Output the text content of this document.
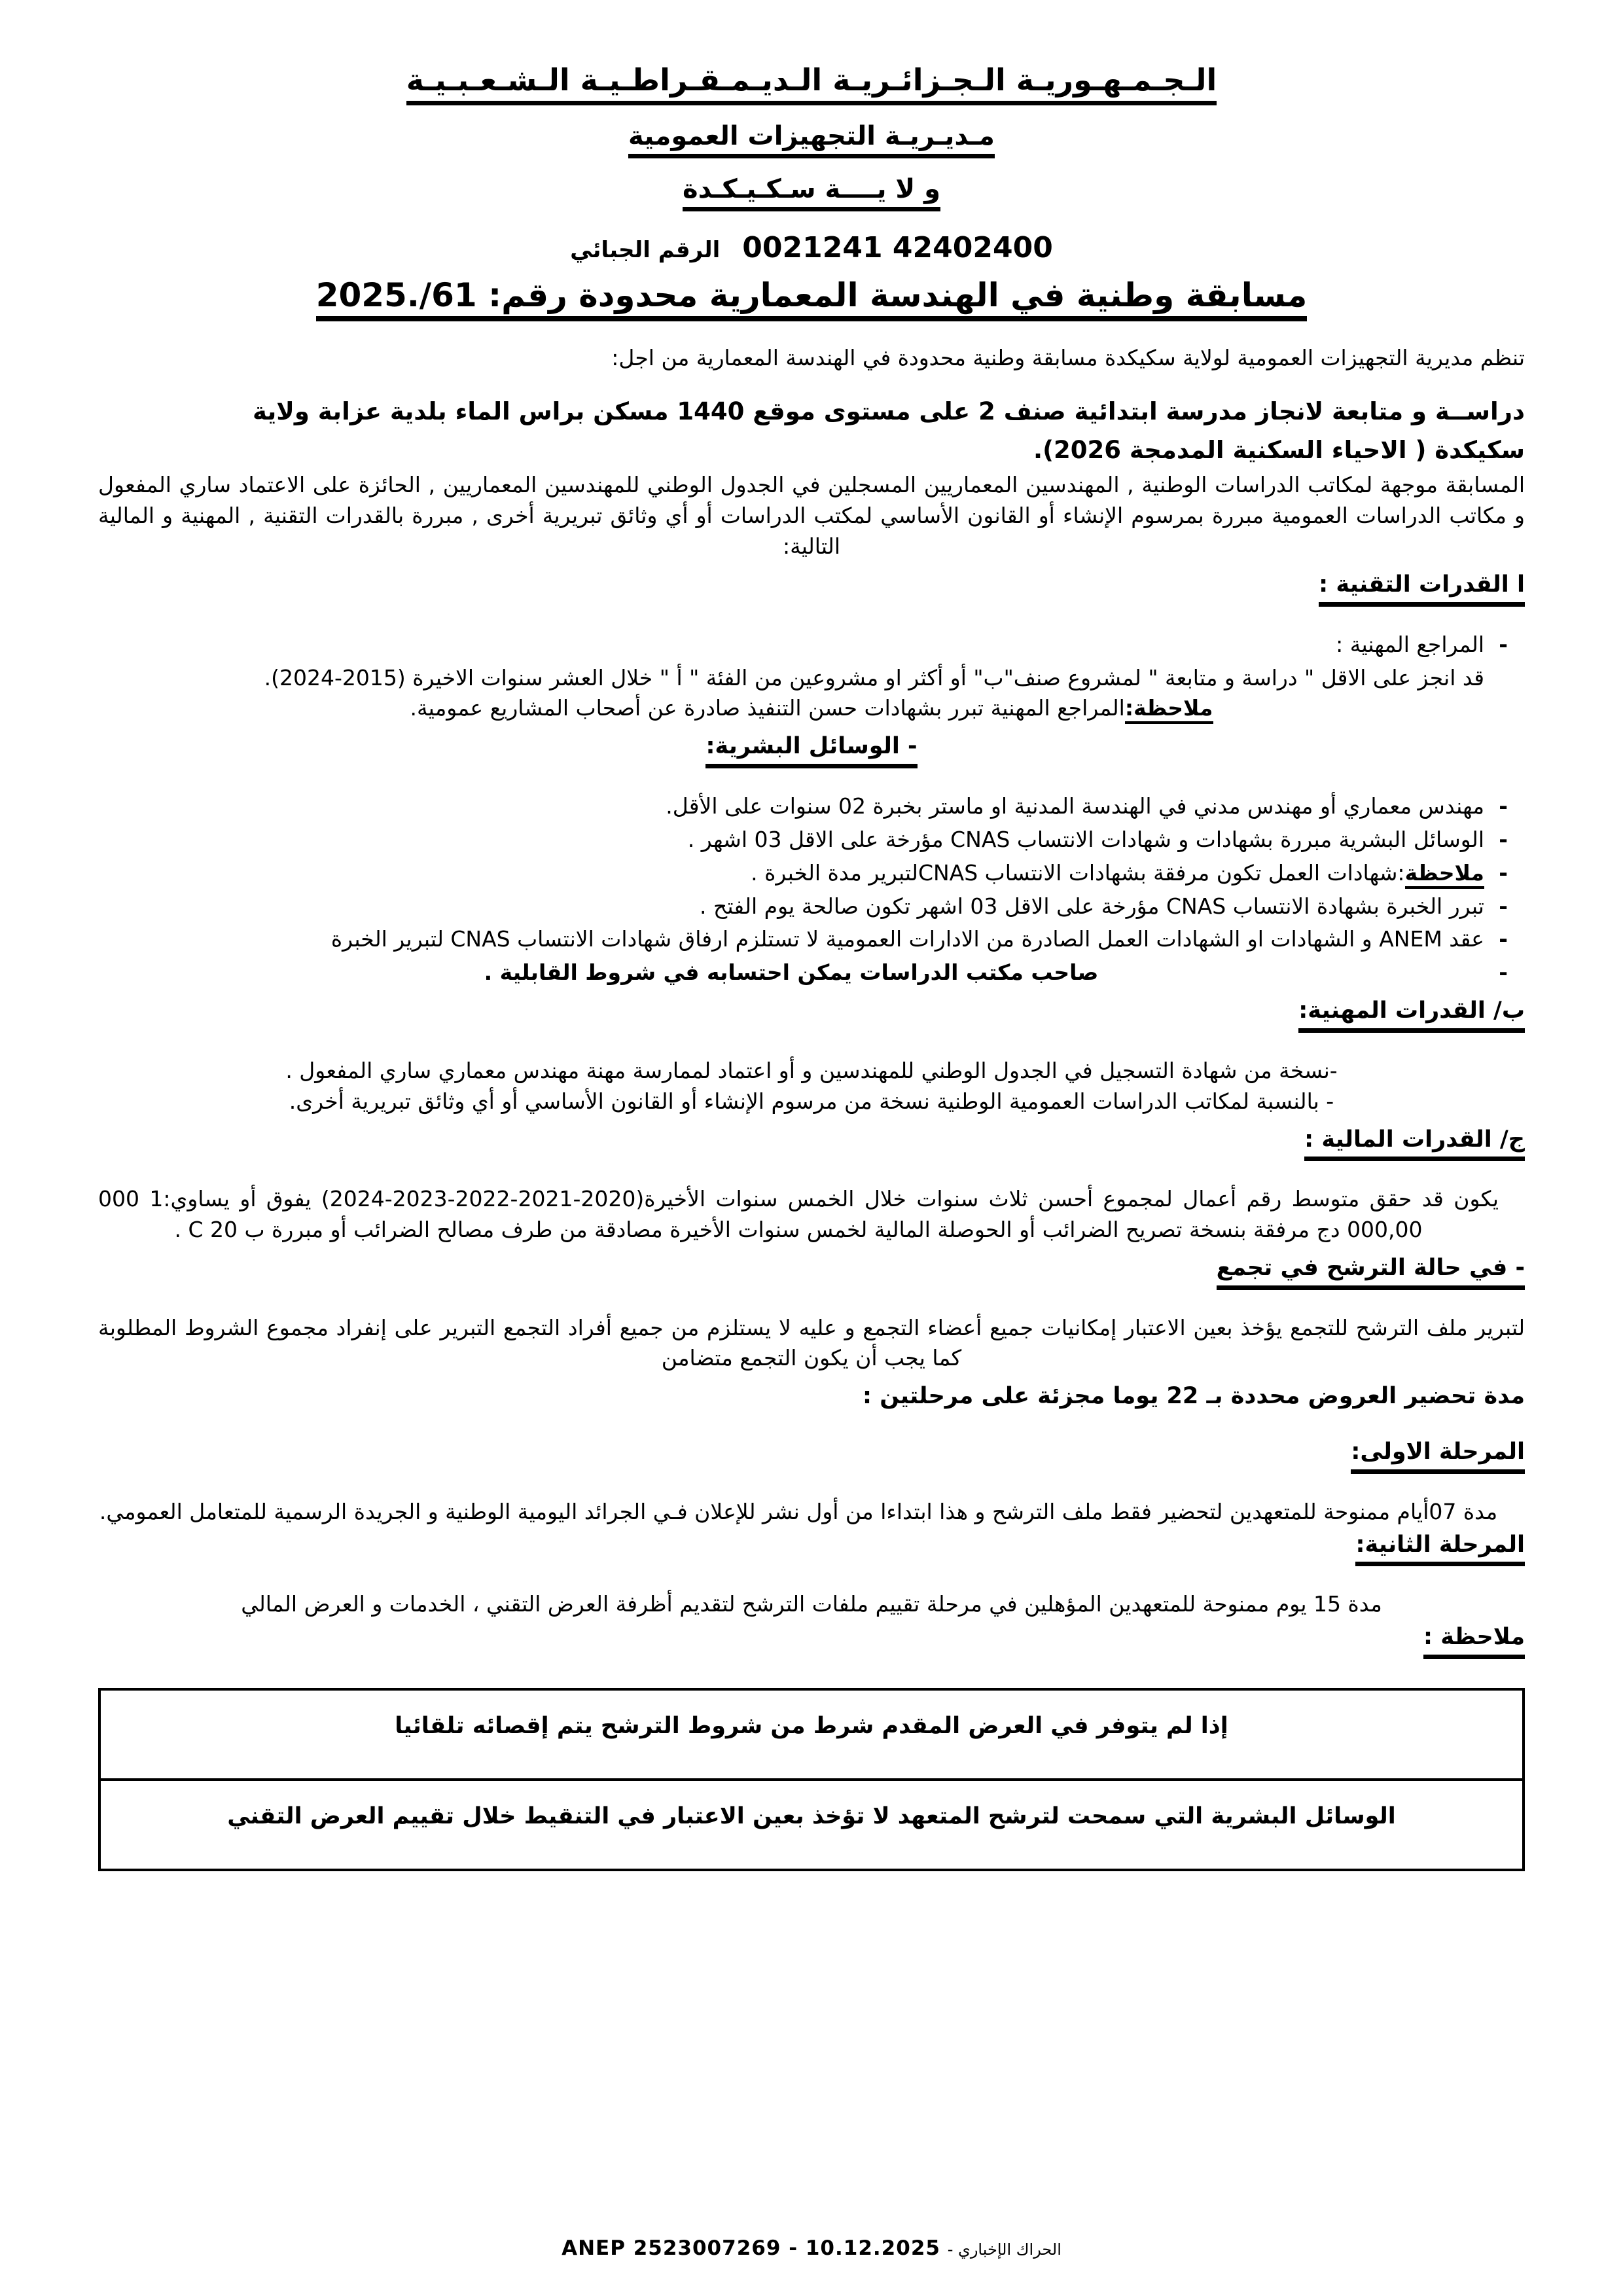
الـجـمـهـوريـة الـجـزائـريـة الـديـمـقـراطـيـة الـشـعـبـيـة
مـديـريـة التجهيزات العمومية
و لا يــــة سـكـيـكـدة
42402400 0021241الرقم الجبائي
مسابقة وطنية في الهندسة المعمارية محدودة رقم: 61/.2025

تنظم مديرية التجهيزات العمومية لولاية سكيكدة مسابقة وطنية محدودة في الهندسة المعمارية من اجل:

دراســة و متابعة لانجاز مدرسة ابتدائية صنف 2 على مستوى موقع 1440 مسكن براس الماء بلدية عزابة ولاية

سكيكدة ( الاحياء السكنية المدمجة 2026).

المسابقة موجهة لمكاتب الدراسات الوطنية , المهندسين المعماريين المسجلين في الجدول الوطني للمهندسين المعماريين , الحائزة على الاعتماد ساري المفعول و مكاتب الدراسات العمومية مبررة بمرسوم الإنشاء أو القانون الأساسي لمكتب الدراسات أو أي وثائق تبريرية أخرى , مبررة بالقدرات التقنية , المهنية و المالية التالية:

ا القدرات التقنية :

- المراجع المهنية :
قد انجز على الاقل " دراسة و متابعة " لمشروع صنف"ب" أو أكثر او مشروعين من الفئة " أ " خلال العشر سنوات الاخيرة (2015-2024).

ملاحظة:المراجع المهنية تبرر بشهادات حسن التنفيذ صادرة عن أصحاب المشاريع عمومية.

- الوسائل البشرية:

- مهندس معماري أو مهندس مدني في الهندسة المدنية او ماستر بخبرة 02 سنوات على الأقل.
- الوسائل البشرية مبررة بشهادات و شهادات الانتساب CNAS مؤرخة على الاقل 03 اشهر .
- ملاحظة:شهادات العمل تكون مرفقة بشهادات الانتساب CNASلتبرير مدة الخبرة .
- تبرر الخبرة بشهادة الانتساب CNAS مؤرخة على الاقل 03 اشهر تكون صالحة يوم الفتح .
- عقد ANEM و الشهادات او الشهادات العمل الصادرة من الادارات العمومية لا تستلزم ارفاق شهادات الانتساب CNAS لتبرير الخبرة
- صاحب مكتب الدراسات يمكن احتسابه في شروط القابلية .

ب/ القدرات المهنية:

-نسخة من شهادة التسجيل في الجدول الوطني للمهندسين و أو اعتماد لممارسة مهنة مهندس معماري ساري المفعول .

- بالنسبة لمكاتب الدراسات العمومية الوطنية نسخة من مرسوم الإنشاء أو القانون الأساسي أو أي وثائق تبريرية أخرى.

ج/ القدرات المالية :

يكون قد حقق متوسط رقم أعمال لمجموع أحسن ثلاث سنوات خلال الخمس سنوات الأخيرة(2020-2021-2022-2023-2024) يفوق أو يساوي:1 000 000,00 دج مرفقة بنسخة تصريح الضرائب أو الحوصلة المالية لخمس سنوات الأخيرة مصادقة من طرف مصالح الضرائب أو مبررة ب 20 C .

- في حالة الترشح في تجمع

لتبرير ملف الترشح للتجمع يؤخذ بعين الاعتبار إمكانيات جميع أعضاء التجمع و عليه لا يستلزم من جميع أفراد التجمع التبرير على إنفراد مجموع الشروط المطلوبة كما يجب أن يكون التجمع متضامن

مدة تحضير العروض محددة بـ 22 يوما مجزئة على مرحلتين :

المرحلة الاولى:

مدة 07أيام ممنوحة للمتعهدين لتحضير فقط ملف الترشح و هذا ابتداءا من أول نشر للإعلان فـي الجرائد اليومية الوطنية و الجريدة الرسمية للمتعامل العمومي.

المرحلة الثانية:

مدة 15 يوم ممنوحة للمتعهدين المؤهلين في مرحلة تقييم ملفات الترشح لتقديم أظرفة العرض التقني ، الخدمات و العرض المالي

ملاحظة :

إذا لم يتوفر في العرض المقدم شرط من شروط الترشح يتم إقصائه تلقائيا
الوسائل البشرية التي سمحت لترشح المتعهد لا تؤخذ بعين الاعتبار في التنقيط خلال تقييم العرض التقني
الحراك الإخباري - ANEP 2523007269 - 10.12.2025
